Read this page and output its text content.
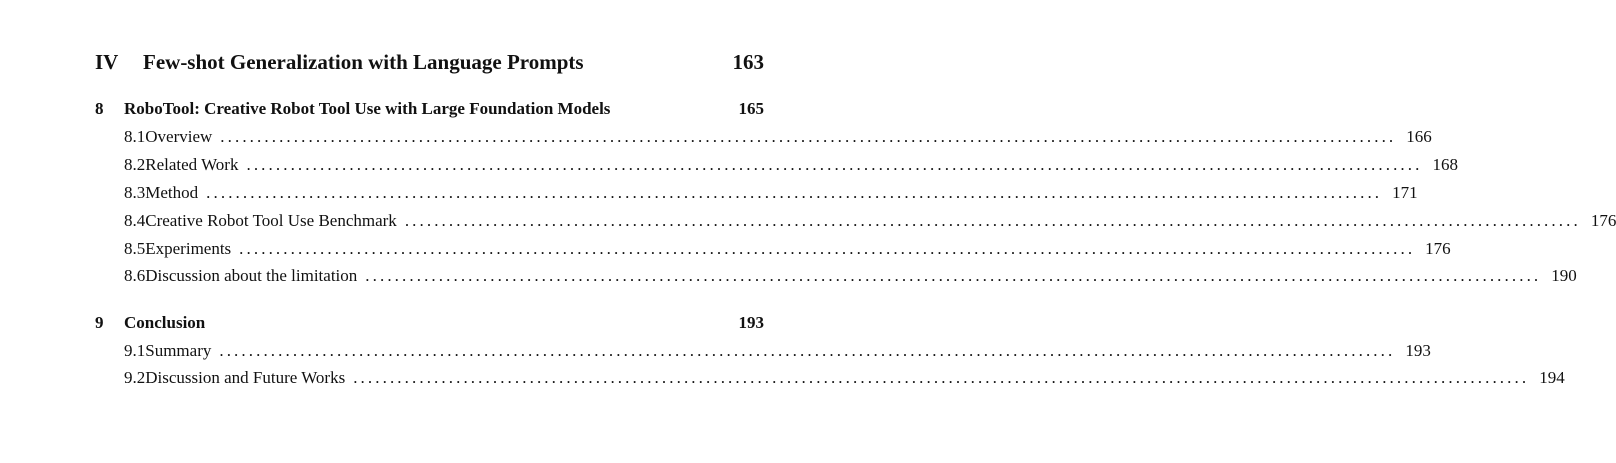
IV	Few-shot Generalization with Language Prompts	163
8	RoboTool: Creative Robot Tool Use with Large Foundation Models	165
8.1 Overview ................................................................................................................................................................ 166
8.2 Related Work ................................................................................................................................................................ 168
8.3 Method ................................................................................................................................................................ 171
8.4 Creative Robot Tool Use Benchmark ................................................................................................................................................................ 176
8.5 Experiments ................................................................................................................................................................ 176
8.6 Discussion about the limitation ................................................................................................................................................................ 190
9	Conclusion	193
9.1 Summary ................................................................................................................................................................ 193
9.2 Discussion and Future Works ................................................................................................................................................................ 194
